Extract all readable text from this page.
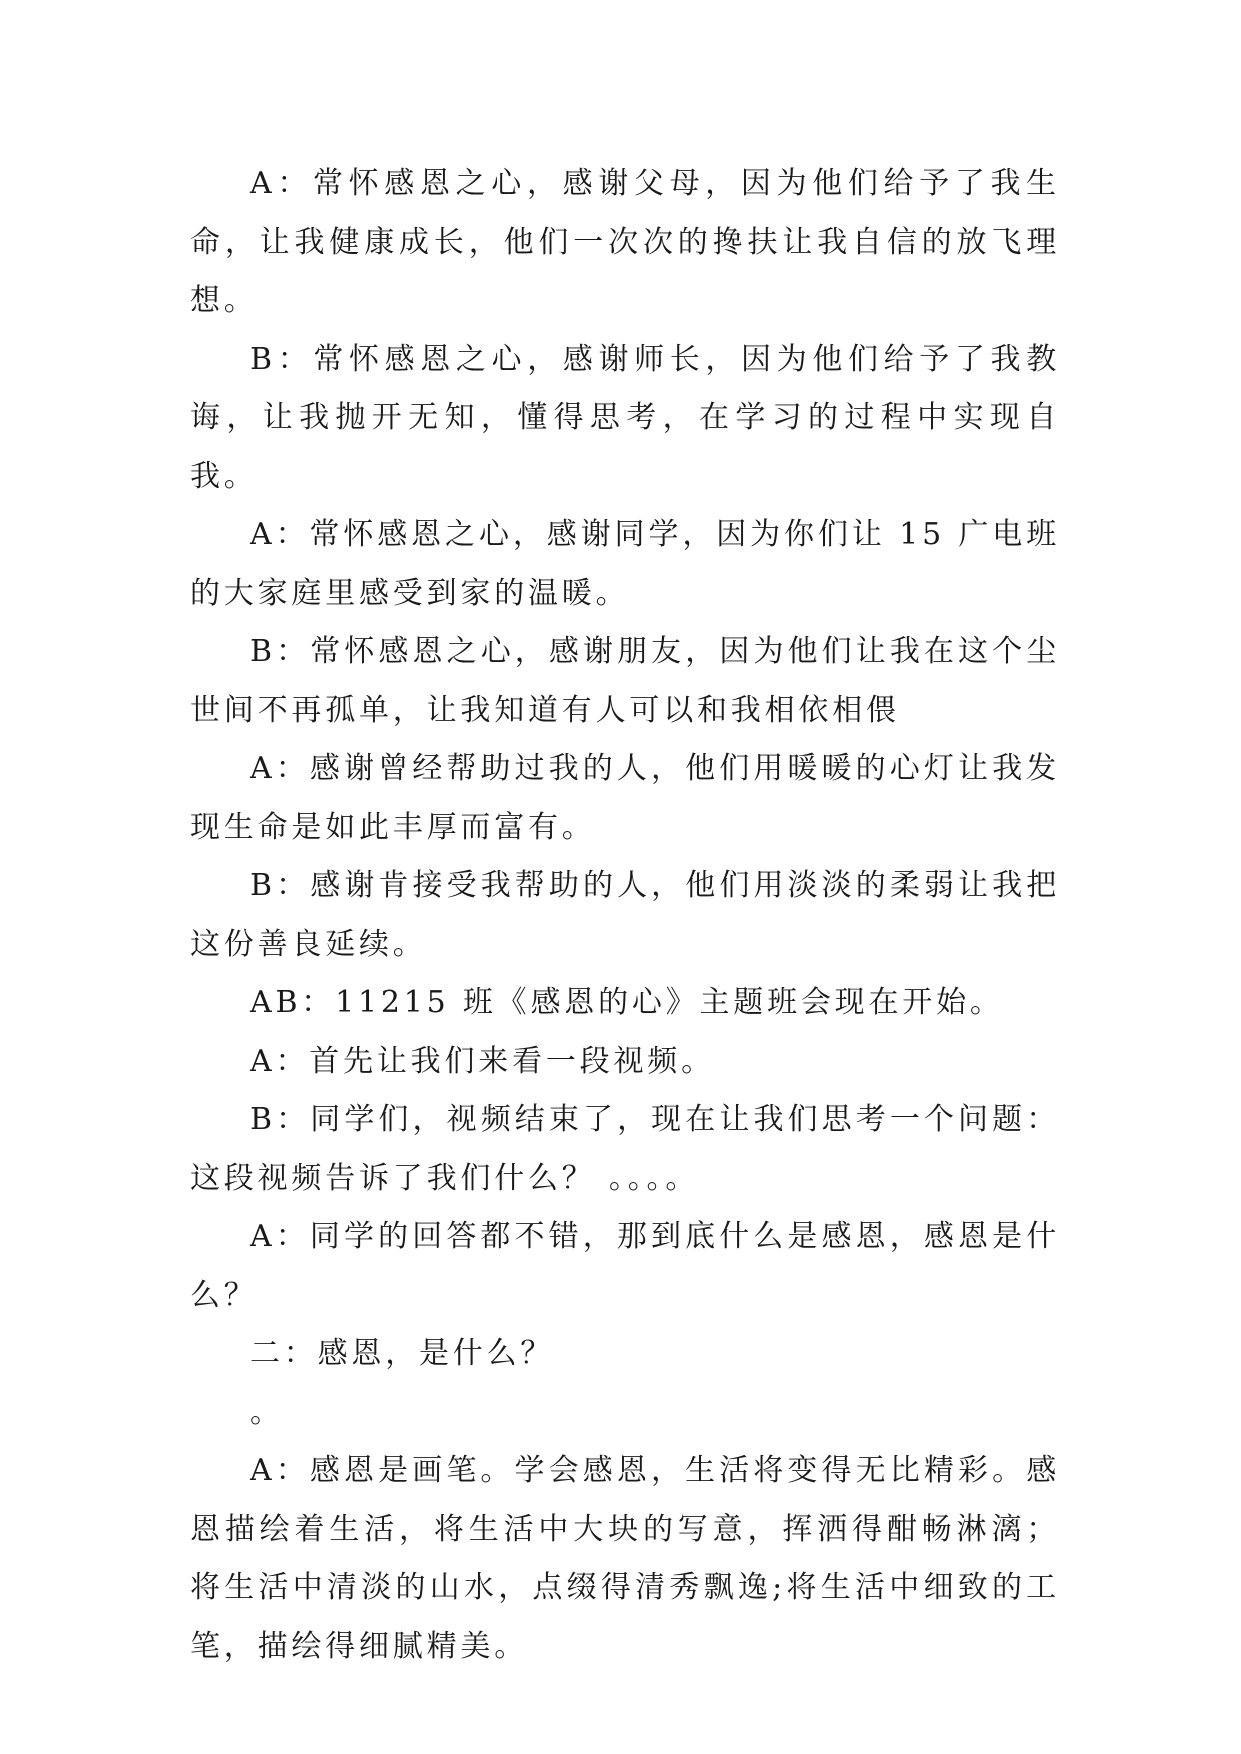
A：常怀感恩之心，感谢父母，因为他们给予了我生命，让我健康成长，他们一次次的搀扶让我自信的放飞理想。

B：常怀感恩之心，感谢师长，因为他们给予了我教诲，让我抛开无知，懂得思考，在学习的过程中实现自我。

A：常怀感恩之心，感谢同学，因为你们让 15 广电班的大家庭里感受到家的温暖。

B：常怀感恩之心，感谢朋友，因为他们让我在这个尘世间不再孤单，让我知道有人可以和我相依相偎

A：感谢曾经帮助过我的人，他们用暖暖的心灯让我发现生命是如此丰厚而富有。

B：感谢肯接受我帮助的人，他们用淡淡的柔弱让我把这份善良延续。

AB：11215 班《感恩的心》主题班会现在开始。

A：首先让我们来看一段视频。

B：同学们，视频结束了，现在让我们思考一个问题：这段视频告诉了我们什么？ 。。。。

A：同学的回答都不错，那到底什么是感恩，感恩是什么？

二：感恩，是什么？

。

A：感恩是画笔。学会感恩，生活将变得无比精彩。感恩描绘着生活，将生活中大块的写意，挥洒得酣畅淋漓；将生活中清淡的山水，点缀得清秀飘逸;将生活中细致的工笔，描绘得细腻精美。
